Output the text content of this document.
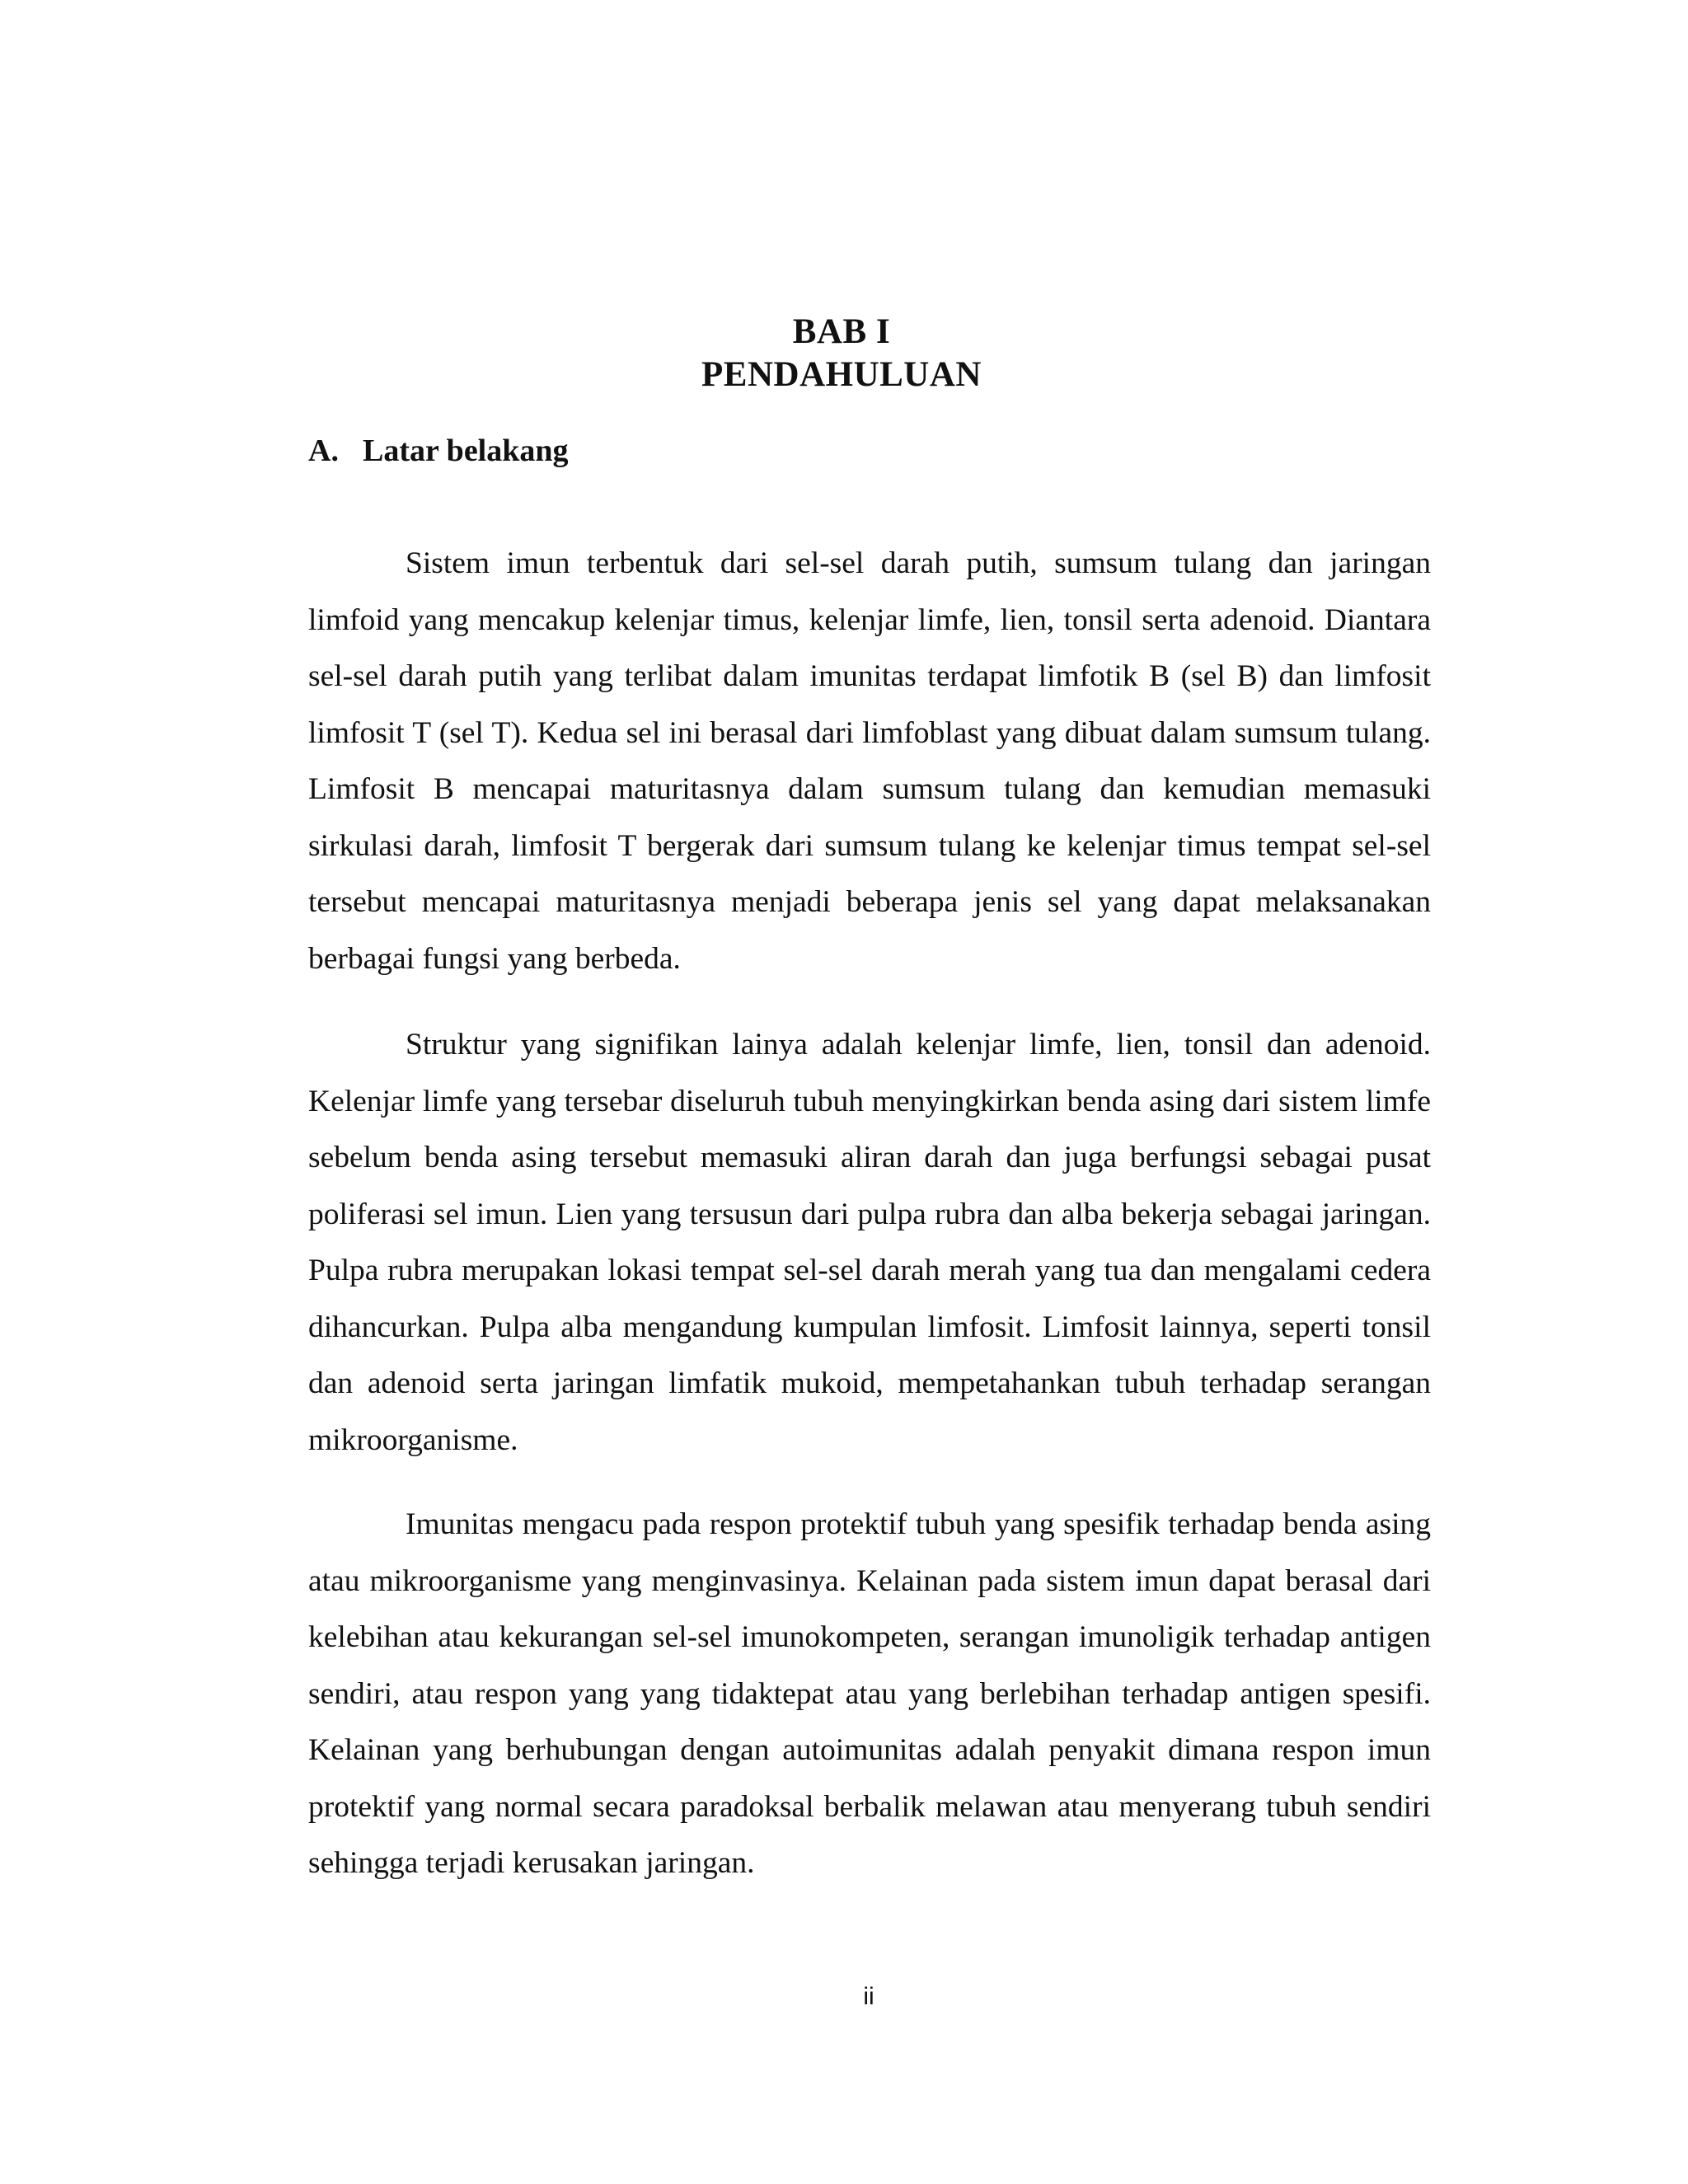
BAB I
PENDAHULUAN
A. Latar belakang

Sistem imun terbentuk dari sel-sel darah putih, sumsum tulang dan jaringan limfoid yang mencakup kelenjar timus, kelenjar limfe, lien, tonsil serta adenoid. Diantara sel-sel darah putih yang terlibat dalam imunitas terdapat limfotik B (sel B) dan limfosit limfosit T (sel T). Kedua sel ini berasal dari limfoblast yang dibuat dalam sumsum tulang. Limfosit B mencapai maturitasnya dalam sumsum tulang dan kemudian memasuki sirkulasi darah, limfosit T bergerak dari sumsum tulang ke kelenjar timus tempat sel-sel tersebut mencapai maturitasnya menjadi beberapa jenis sel yang dapat melaksanakan berbagai fungsi yang berbeda.

Struktur yang signifikan lainya adalah kelenjar limfe, lien, tonsil dan adenoid. Kelenjar limfe yang tersebar diseluruh tubuh menyingkirkan benda asing dari sistem limfe sebelum benda asing tersebut memasuki aliran darah dan juga berfungsi sebagai pusat poliferasi sel imun. Lien yang tersusun dari pulpa rubra dan alba bekerja sebagai jaringan. Pulpa rubra merupakan lokasi tempat sel-sel darah merah yang tua dan mengalami cedera dihancurkan. Pulpa alba mengandung kumpulan limfosit. Limfosit lainnya, seperti tonsil dan adenoid serta jaringan limfatik mukoid, mempetahankan tubuh terhadap serangan mikroorganisme.

Imunitas mengacu pada respon protektif tubuh yang spesifik terhadap benda asing atau mikroorganisme yang menginvasinya. Kelainan pada sistem imun dapat berasal dari kelebihan atau kekurangan sel-sel imunokompeten, serangan imunoligik terhadap antigen sendiri, atau respon yang yang tidaktepat atau yang berlebihan terhadap antigen spesifi. Kelainan yang berhubungan dengan autoimunitas adalah penyakit dimana respon imun protektif yang normal secara paradoksal berbalik melawan atau menyerang tubuh sendiri sehingga terjadi kerusakan jaringan.

ii
